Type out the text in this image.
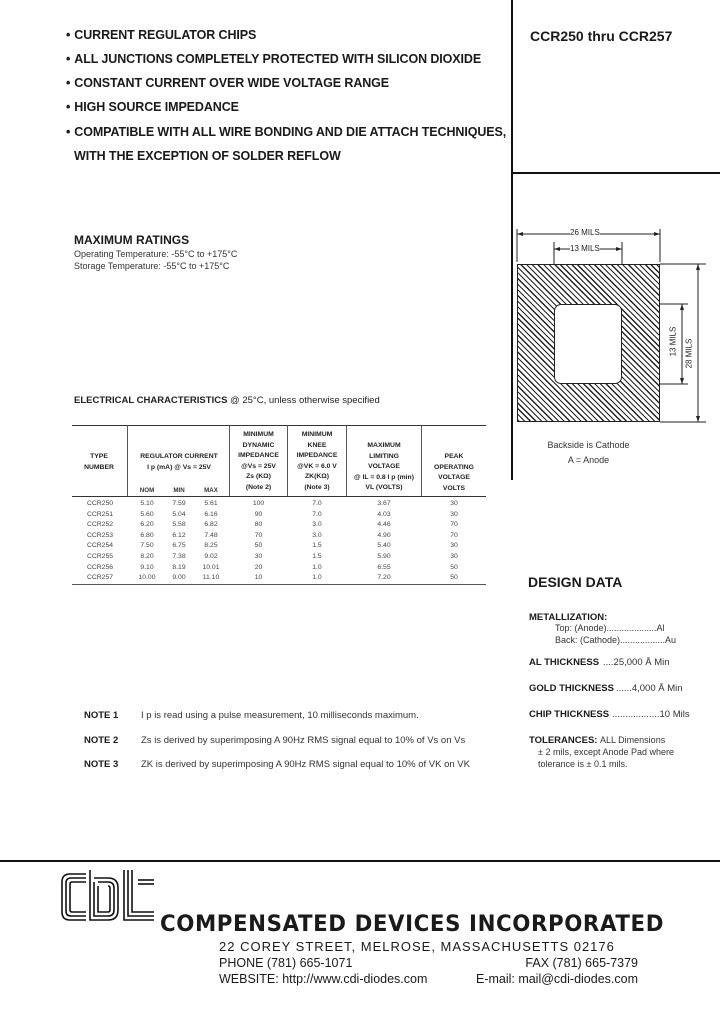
• CURRENT REGULATOR CHIPS
• ALL JUNCTIONS COMPLETELY PROTECTED WITH SILICON DIOXIDE
• CONSTANT CURRENT OVER WIDE VOLTAGE RANGE
• HIGH SOURCE IMPEDANCE
• COMPATIBLE WITH ALL WIRE BONDING AND DIE ATTACH TECHNIQUES,
WITH THE EXCEPTION OF SOLDER REFLOW
CCR250 thru CCR257
MAXIMUM RATINGS
Operating Temperature: -55°C to +175°C
Storage Temperature: -55°C to +175°C
ELECTRICAL CHARACTERISTICS @ 25°C, unless otherwise specified
TYPE
NUMBER
REGULATOR CURRENT
I p (mA) @ Vs = 25V
MINIMUM
DYNAMIC
IMPEDANCE
@Vs = 25V
Zs (KΩ)
(Note 2)
MINIMUM
KNEE
IMPEDANCE
@VK = 6.0 V
ZK(KΩ)
(Note 3)
MAXIMUM
LIMITING
VOLTAGE
@ IL = 0.8 I p (min)
VL (VOLTS)
PEAK
OPERATING
VOLTAGE
VOLTS
NOM	MIN	MAX
CCR250	5.10	7.59	5.61	100	7.0	3.67	30
CCR251	5.60	5.04	6.16	90	7.0	4.03	30
CCR252	6.20	5.58	6.82	80	3.0	4.46	70
CCR253	6.80	6.12	7.48	70	3.0	4.90	70
CCR254	7.50	6.75	8.25	50	1.5	5.40	30
CCR255	8.20	7.38	9.02	30	1.5	5.90	30
CCR256	9.10	8.19	10.01	20	1.0	6.55	50
CCR257	10.00	9.00	11.10	10	1.0	7.20	50
NOTE 1 I p is read using a pulse measurement, 10 milliseconds maximum.
NOTE 2 Zs is derived by superimposing A 90Hz RMS signal equal to 10% of Vs on Vs
NOTE 3 ZK is derived by superimposing A 90Hz RMS signal equal to 10% of VK on VK
26 MILS
13 MILS
13 MILS 28 MILS
Backside is Cathode
A = Anode
DESIGN DATA
METALLIZATION:
Top: (Anode)....................Al
Back: (Cathode)..................Au
AL THICKNESS ....25,000 Å Min
GOLD THICKNESS ......4,000 Å Min
CHIP THICKNESS ..................10 Mils
TOLERANCES: ALL Dimensions
± 2 mils, except Anode Pad where
tolerance is ± 0.1 mils.
COMPENSATED DEVICES INCORPORATED
22 COREY STREET, MELROSE, MASSACHUSETTS 02176
PHONE (781) 665-1071	FAX (781) 665-7379
WEBSITE: http://www.cdi-diodes.com	E-mail: mail@cdi-diodes.com
